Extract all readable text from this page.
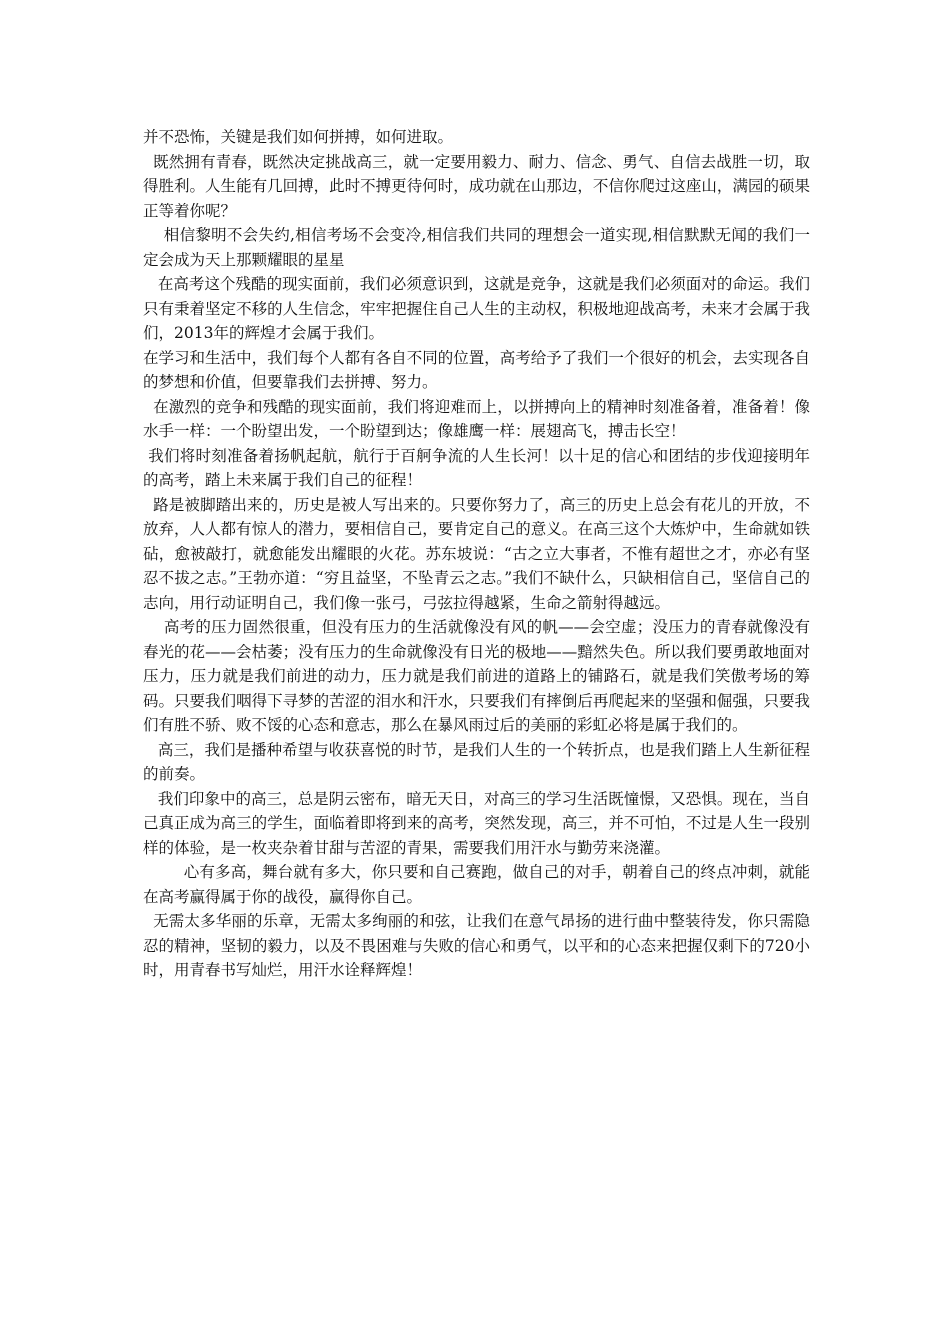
并不恐怖，关键是我们如何拼搏，如何进取。

既然拥有青春，既然决定挑战高三，就一定要用毅力、耐力、信念、勇气、自信去战胜一切，取得胜利。人生能有几回搏，此时不搏更待何时，成功就在山那边，不信你爬过这座山，满园的硕果正等着你呢？

相信黎明不会失约,相信考场不会变冷,相信我们共同的理想会一道实现,相信默默无闻的我们一定会成为天上那颗耀眼的星星

在高考这个残酷的现实面前，我们必须意识到，这就是竞争，这就是我们必须面对的命运。我们只有秉着坚定不移的人生信念，牢牢把握住自己人生的主动权，积极地迎战高考，未来才会属于我们，2013年的辉煌才会属于我们。

在学习和生活中，我们每个人都有各自不同的位置，高考给予了我们一个很好的机会，去实现各自的梦想和价值，但要靠我们去拼搏、努力。

在激烈的竞争和残酷的现实面前，我们将迎难而上，以拼搏向上的精神时刻准备着，准备着！像水手一样：一个盼望出发，一个盼望到达；像雄鹰一样：展翅高飞，搏击长空！

我们将时刻准备着扬帆起航，航行于百舸争流的人生长河！以十足的信心和团结的步伐迎接明年的高考，踏上未来属于我们自己的征程！

路是被脚踏出来的，历史是被人写出来的。只要你努力了，高三的历史上总会有花儿的开放，不放弃，人人都有惊人的潜力，要相信自己，要肯定自己的意义。在高三这个大炼炉中，生命就如铁砧，愈被敲打，就愈能发出耀眼的火花。苏东坡说：“古之立大事者，不惟有超世之才，亦必有坚忍不拔之志。”王勃亦道：“穷且益坚，不坠青云之志。”我们不缺什么，只缺相信自己，坚信自己的志向，用行动证明自己，我们像一张弓，弓弦拉得越紧，生命之箭射得越远。

高考的压力固然很重，但没有压力的生活就像没有风的帆——会空虚；没压力的青春就像没有春光的花——会枯萎；没有压力的生命就像没有日光的极地——黯然失色。所以我们要勇敢地面对压力，压力就是我们前进的动力，压力就是我们前进的道路上的铺路石，就是我们笑傲考场的筹码。只要我们咽得下寻梦的苦涩的泪水和汗水，只要我们有摔倒后再爬起来的坚强和倔强，只要我们有胜不骄、败不馁的心态和意志，那么在暴风雨过后的美丽的彩虹必将是属于我们的。

高三，我们是播种希望与收获喜悦的时节，是我们人生的一个转折点，也是我们踏上人生新征程的前奏。

我们印象中的高三，总是阴云密布，暗无天日，对高三的学习生活既憧憬，又恐惧。现在，当自己真正成为高三的学生，面临着即将到来的高考，突然发现，高三，并不可怕，不过是人生一段别样的体验，是一枚夹杂着甘甜与苦涩的青果，需要我们用汗水与勤劳来浇灌。

心有多高，舞台就有多大，你只要和自己赛跑，做自己的对手，朝着自己的终点冲刺，就能在高考赢得属于你的战役，赢得你自己。

无需太多华丽的乐章，无需太多绚丽的和弦，让我们在意气昂扬的进行曲中整装待发，你只需隐忍的精神，坚韧的毅力，以及不畏困难与失败的信心和勇气，以平和的心态来把握仅剩下的720小时，用青春书写灿烂，用汗水诠释辉煌！
